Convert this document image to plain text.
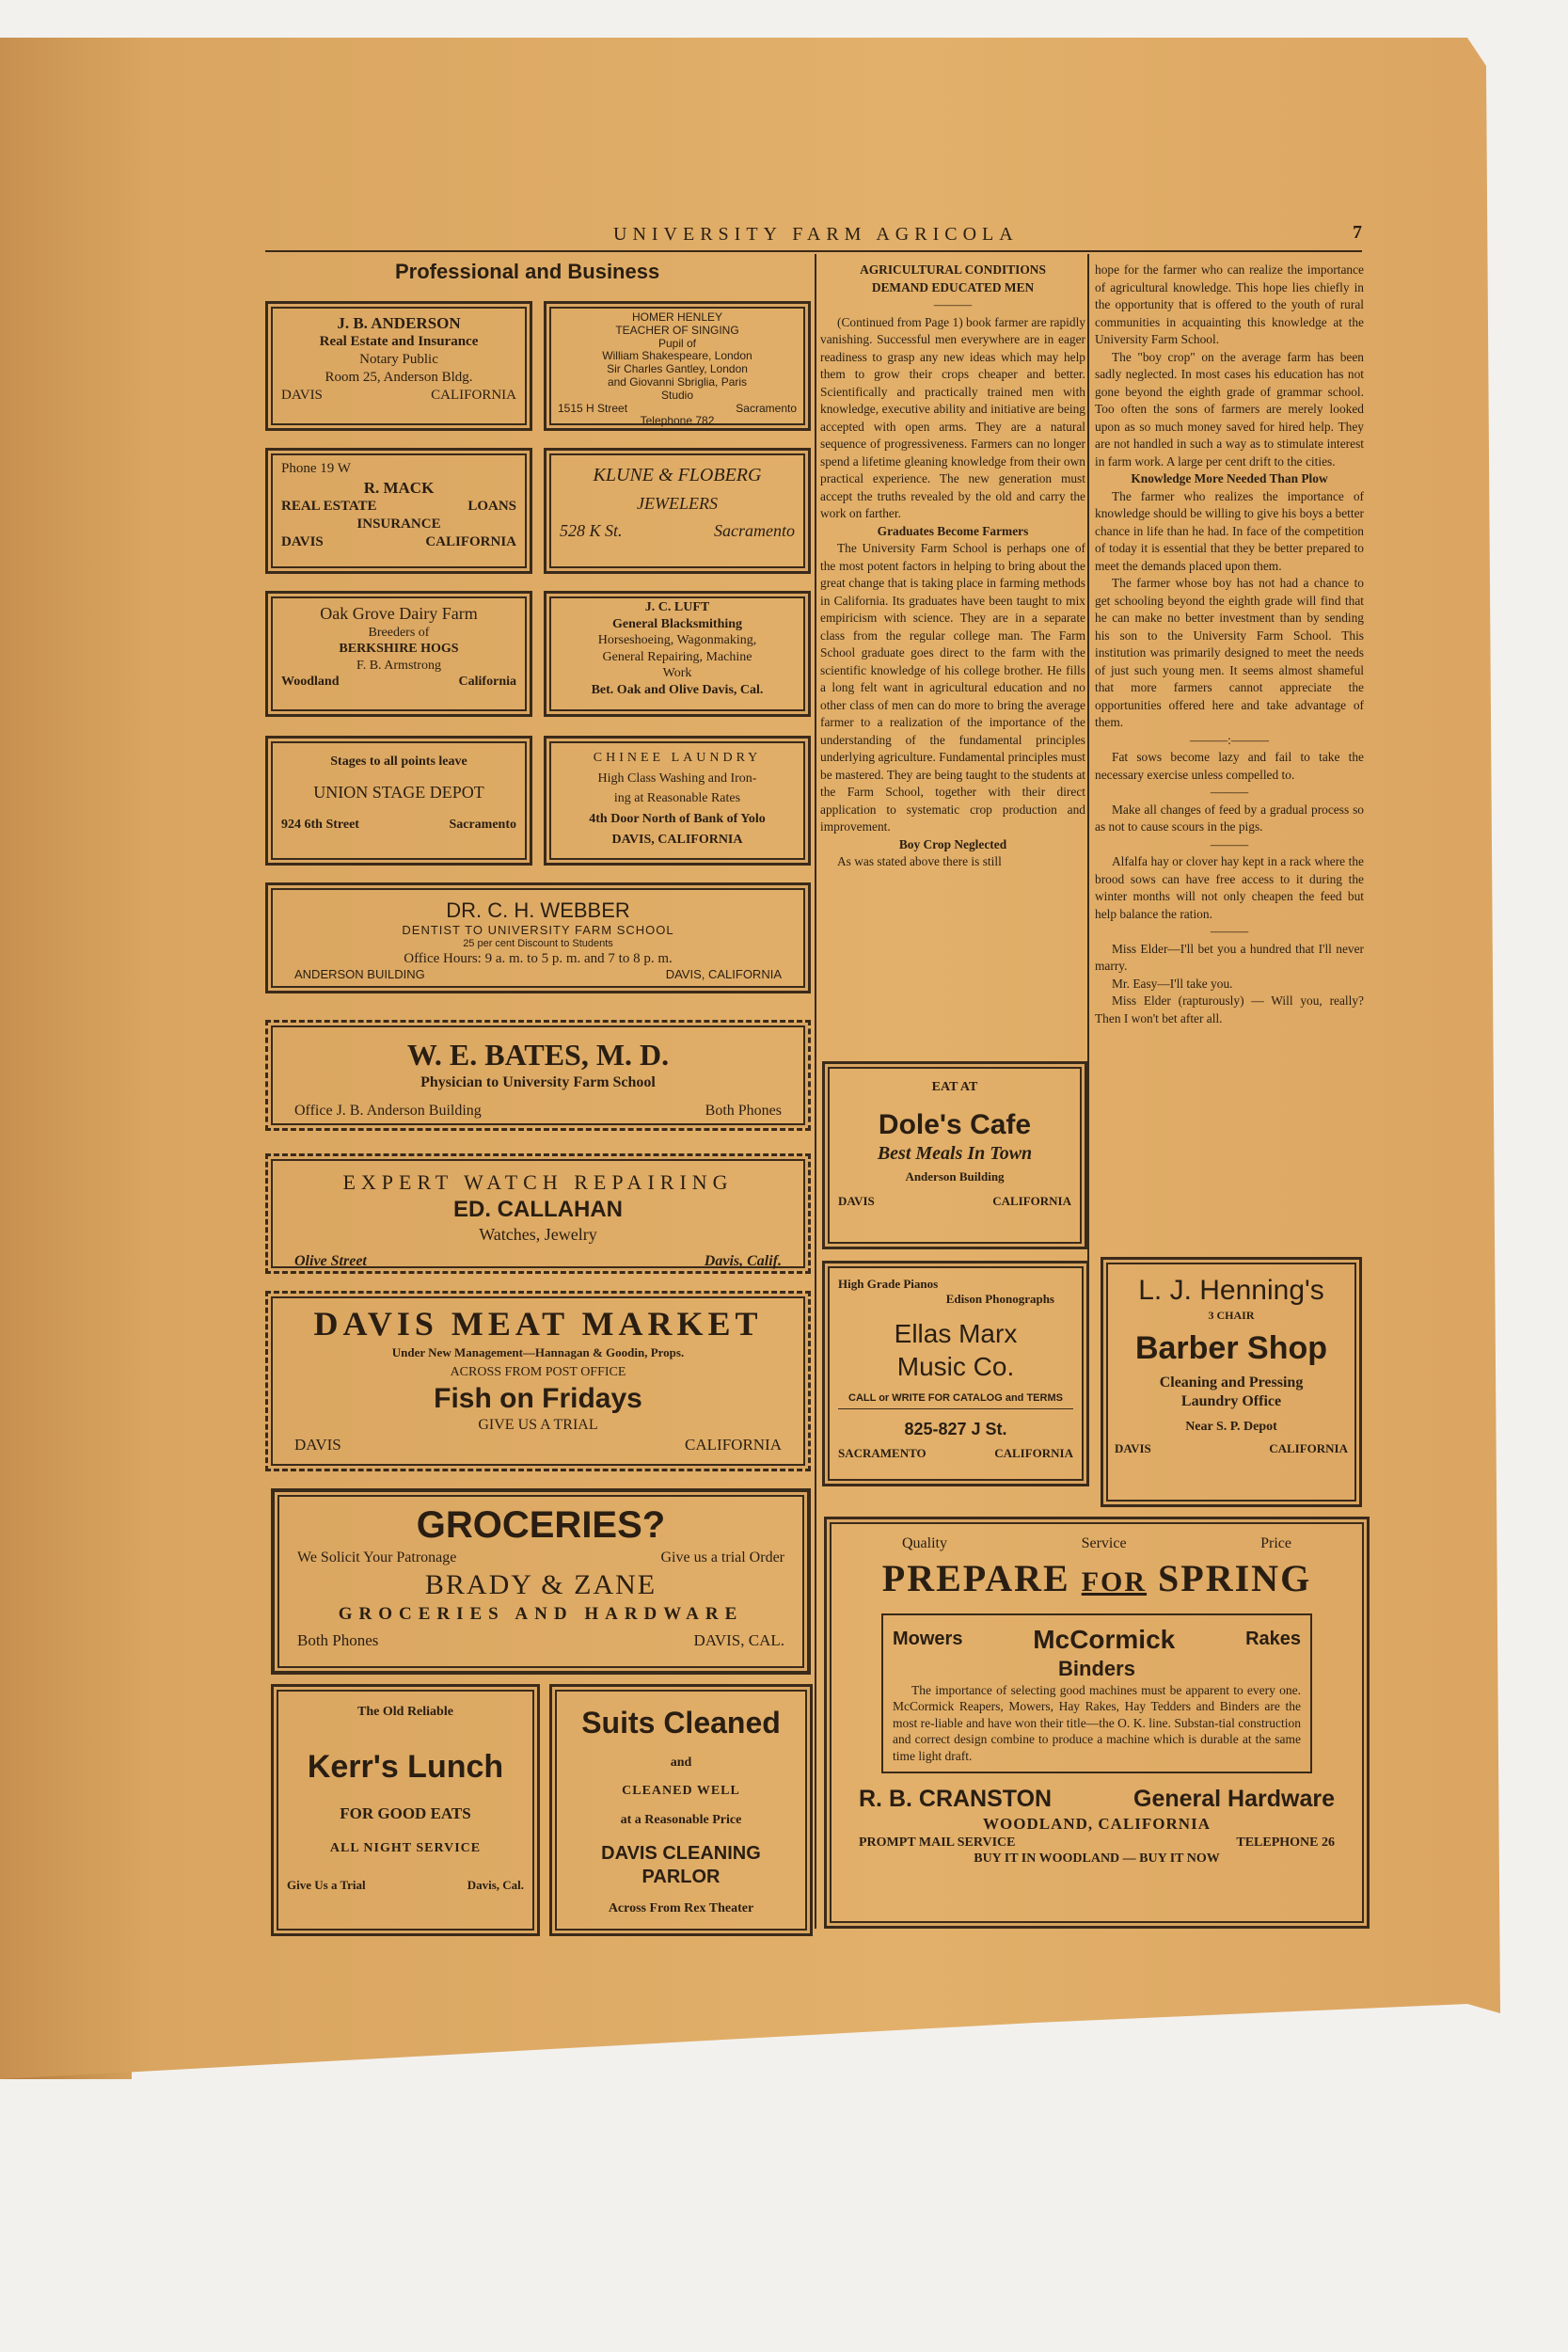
UNIVERSITY FARM AGRICOLA	7
Professional and Business
J. B. ANDERSON
Real Estate and Insurance
Notary Public
Room 25, Anderson Bldg.
DAVIS	CALIFORNIA
HOMER HENLEY
TEACHER OF SINGING
Pupil of
William Shakespeare, London
Sir Charles Gantley, London
and Giovanni Sbriglia, Paris
Studio
1515 H Street	Sacramento
Telephone 782
Phone 19 W
R. MACK
REAL ESTATE	LOANS
INSURANCE
DAVIS	CALIFORNIA
KLUNE & FLOBERG
JEWELERS
528 K St.	Sacramento
Oak Grove Dairy Farm
Breeders of
BERKSHIRE HOGS
F. B. Armstrong
Woodland	California
J. C. LUFT
General Blacksmithing
Horseshoeing, Wagonmaking,
General Repairing, Machine
Work
Bet. Oak and Olive Davis, Cal.
Stages to all points leave
UNION STAGE DEPOT
924 6th Street	Sacramento
CHINEE LAUNDRY
High Class Washing and Iron-
ing at Reasonable Rates
4th Door North of Bank of Yolo
DAVIS, CALIFORNIA
DR. C. H. WEBBER
DENTIST TO UNIVERSITY FARM SCHOOL
25 per cent Discount to Students
Office Hours: 9 a. m. to 5 p. m. and 7 to 8 p. m.
ANDERSON BUILDING	DAVIS, CALIFORNIA
W. E. BATES, M. D.
Physician to University Farm School
Office J. B. Anderson Building	Both Phones
EXPERT WATCH REPAIRING
ED. CALLAHAN
Watches, Jewelry
Olive Street	Davis, Calif.
DAVIS MEAT MARKET
Under New Management—Hannagan & Goodin, Props.
ACROSS FROM POST OFFICE
Fish on Fridays
GIVE US A TRIAL
DAVIS	CALIFORNIA
GROCERIES?
We Solicit Your Patronage	Give us a trial Order
BRADY & ZANE
GROCERIES AND HARDWARE
Both Phones	DAVIS, CAL.
The Old Reliable
Kerr's Lunch
FOR GOOD EATS
ALL NIGHT SERVICE
Give Us a Trial	Davis, Cal.
Suits Cleaned
and
CLEANED WELL
at a Reasonable Price
DAVIS CLEANING PARLOR
Across From Rex Theater

AGRICULTURAL CONDITIONS

DEMAND EDUCATED MEN

———

(Continued from Page 1) book farmer are rapidly vanishing. Successful men everywhere are in eager readiness to grasp any new ideas which may help them to grow their crops cheaper and better. Scientifically and practically trained men with knowledge, executive ability and initiative are being accepted with open arms. They are a natural sequence of progressiveness. Farmers can no longer spend a lifetime gleaning knowledge from their own practical experience. The new generation must accept the truths revealed by the old and carry the work on farther.

Graduates Become Farmers

The University Farm School is perhaps one of the most potent factors in helping to bring about the great change that is taking place in farming methods in California. Its graduates have been taught to mix empiricism with science. They are in a separate class from the regular college man. The Farm School graduate goes direct to the farm with the scientific knowledge of his college brother. He fills a long felt want in agricultural education and no other class of men can do more to bring the average farmer to a realization of the importance of the understanding of the fundamental principles underlying agriculture. Fundamental principles must be mastered. They are being taught to the students at the Farm School, together with their direct application to systematic crop production and improvement.

Boy Crop Neglected

As was stated above there is still

hope for the farmer who can realize the importance of agricultural knowledge. This hope lies chiefly in the opportunity that is offered to the youth of rural communities in acquainting this knowledge at the University Farm School.

The "boy crop" on the average farm has been sadly neglected. In most cases his education has not gone beyond the eighth grade of grammar school. Too often the sons of farmers are merely looked upon as so much money saved for hired help. They are not handled in such a way as to stimulate interest in farm work. A large per cent drift to the cities.

Knowledge More Needed Than Plow

The farmer who realizes the importance of knowledge should be willing to give his boys a better chance in life than he had. In face of the competition of today it is essential that they be better prepared to meet the demands placed upon them.

The farmer whose boy has not had a chance to get schooling beyond the eighth grade will find that he can make no better investment than by sending his son to the University Farm School. This institution was primarily designed to meet the needs of just such young men. It seems almost shameful that more farmers cannot appreciate the opportunities offered here and take advantage of them.

———:———

Fat sows become lazy and fail to take the necessary exercise unless compelled to.

———

Make all changes of feed by a gradual process so as not to cause scours in the pigs.

———

Alfalfa hay or clover hay kept in a rack where the brood sows can have free access to it during the winter months will not only cheapen the feed but help balance the ration.

———

Miss Elder—I'll bet you a hundred that I'll never marry.

Mr. Easy—I'll take you.

Miss Elder (rapturously) — Will you, really? Then I won't bet after all.

EAT AT
Dole's Cafe
Best Meals In Town
Anderson Building
DAVIS	CALIFORNIA
High Grade Pianos
Edison Phonographs
Ellas Marx
Music Co.
CALL or WRITE FOR CATALOG and TERMS
825-827 J St.
SACRAMENTO	CALIFORNIA
L. J. Henning's
3 CHAIR
Barber Shop
Cleaning and Pressing
Laundry Office
Near S. P. Depot
DAVIS	CALIFORNIA
Quality	Service	Price
PREPARE FOR SPRING
Mowers	McCormick	Rakes
Binders
The importance of selecting good machines must be apparent to every one. McCormick Reapers, Mowers, Hay Rakes, Hay Tedders and Binders are the most re-liable and have won their title—the O. K. line. Substan-tial construction and correct design combine to produce a machine which is durable at the same time light draft.
R. B. CRANSTON	General Hardware
WOODLAND, CALIFORNIA
PROMPT MAIL SERVICE	TELEPHONE 26
BUY IT IN WOODLAND — BUY IT NOW
